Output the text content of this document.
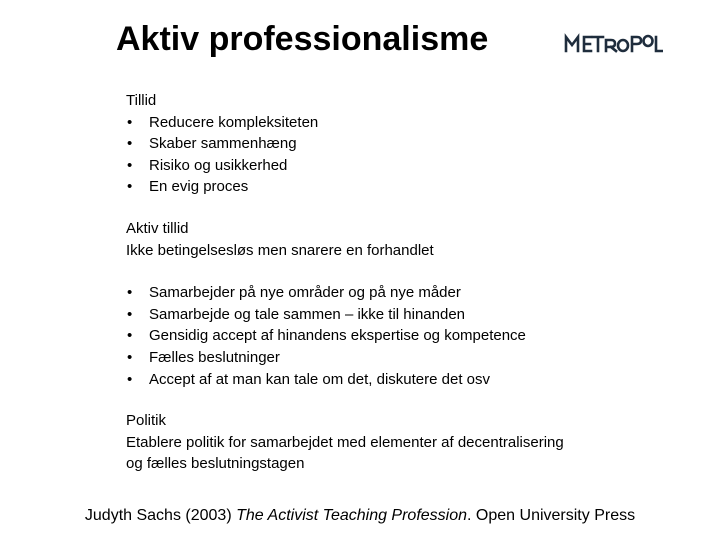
Aktiv professionalisme
Tillid
• Reducere kompleksiteten
• Skaber sammenhæng
• Risiko og usikkerhed
• En evig proces
Aktiv tillid
Ikke betingelsesløs men snarere en forhandlet
• Samarbejder på nye områder og på nye måder
• Samarbejde og tale sammen – ikke til hinanden
• Gensidig accept af hinandens ekspertise og kompetence
• Fælles beslutninger
• Accept af at man kan tale om det, diskutere det osv
Politik
Etablere politik for samarbejdet med elementer af decentralisering
og fælles beslutningstagen
Judyth Sachs (2003) The Activist Teaching Profession. Open University Press
